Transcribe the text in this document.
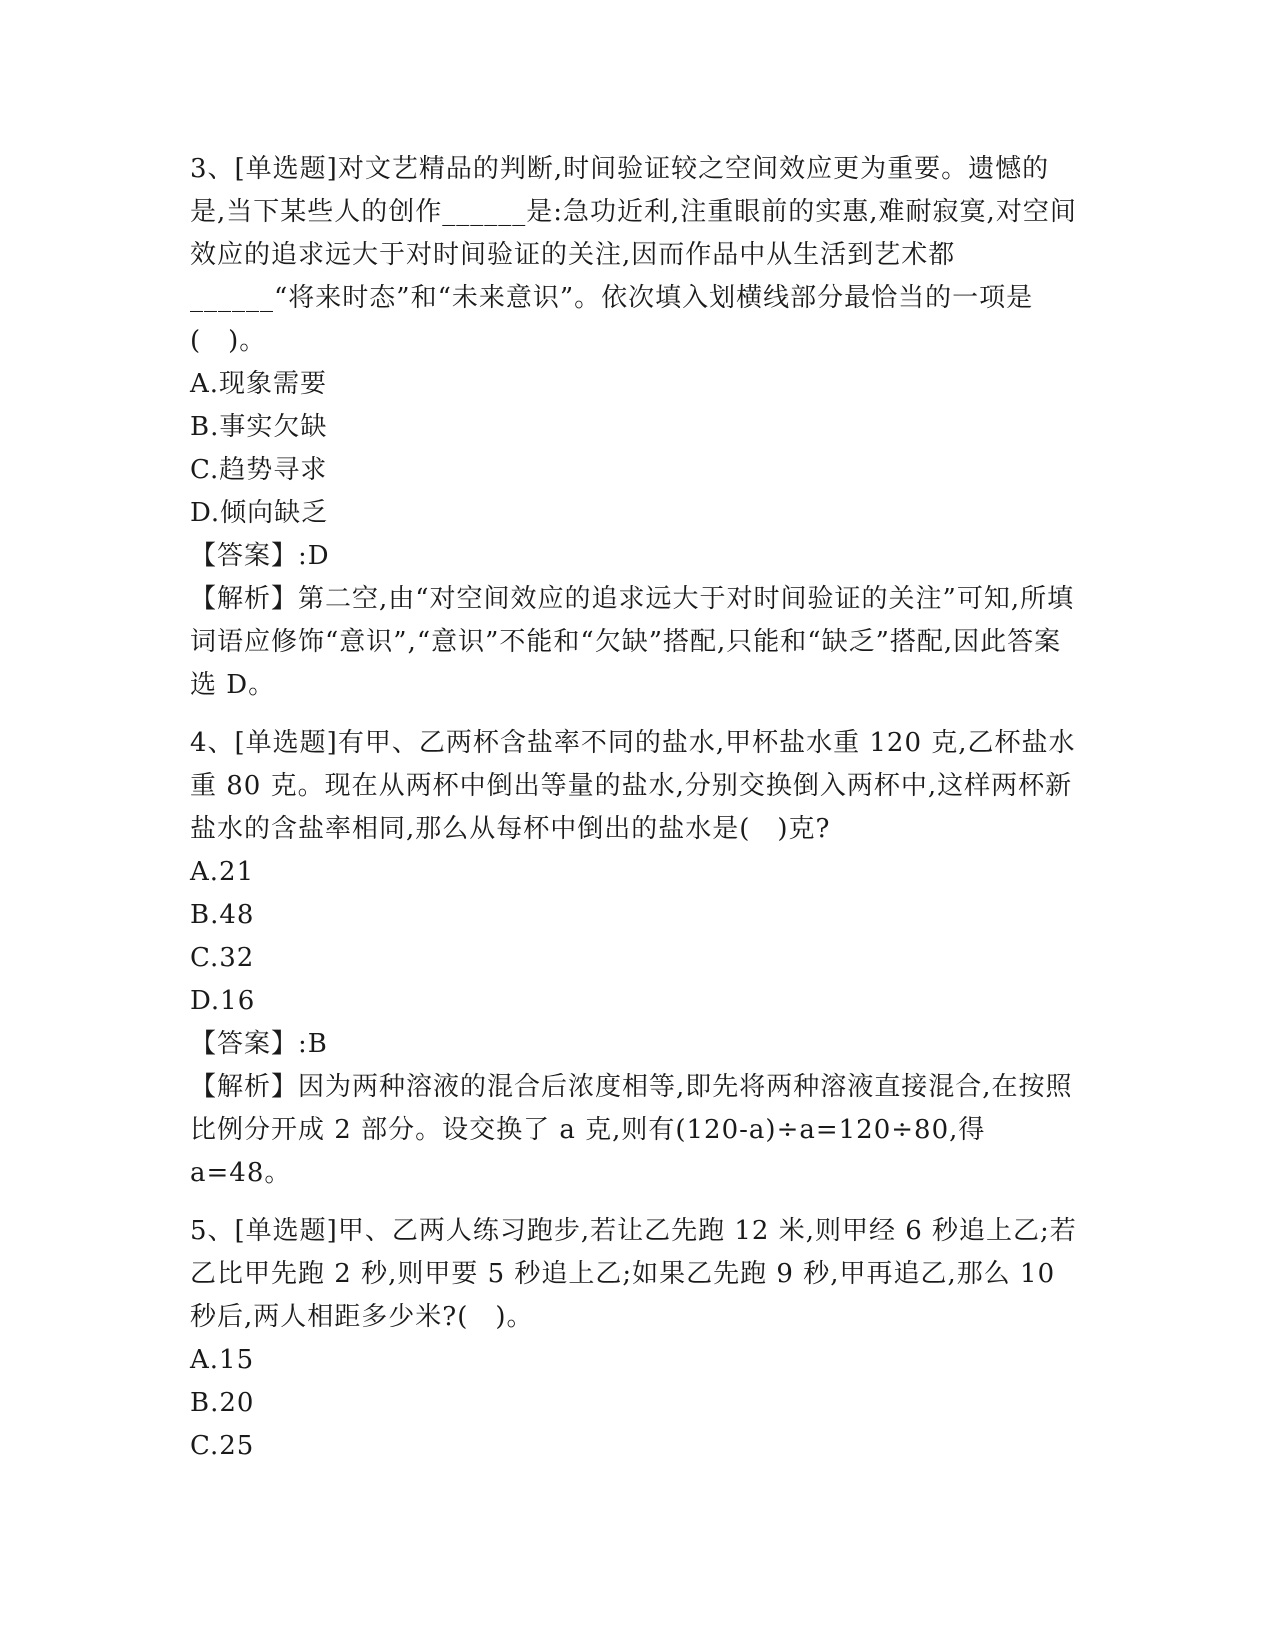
3、[单选题]对文艺精品的判断,时间验证较之空间效应更为重要。遗憾的是,当下某些人的创作______是:急功近利,注重眼前的实惠,难耐寂寞,对空间效应的追求远大于对时间验证的关注,因而作品中从生活到艺术都______“将来时态”和“未来意识”。依次填入划横线部分最恰当的一项是(　)。

A.现象需要

B.事实欠缺

C.趋势寻求

D.倾向缺乏

【答案】:D

【解析】第二空,由“对空间效应的追求远大于对时间验证的关注”可知,所填词语应修饰“意识”,“意识”不能和“欠缺”搭配,只能和“缺乏”搭配,因此答案选 D。

4、[单选题]有甲、乙两杯含盐率不同的盐水,甲杯盐水重 120 克,乙杯盐水重 80 克。现在从两杯中倒出等量的盐水,分别交换倒入两杯中,这样两杯新盐水的含盐率相同,那么从每杯中倒出的盐水是(　)克?

A.21

B.48

C.32

D.16

【答案】:B

【解析】因为两种溶液的混合后浓度相等,即先将两种溶液直接混合,在按照比例分开成 2 部分。设交换了 a 克,则有(120-a)÷a=120÷80,得 a=48。

5、[单选题]甲、乙两人练习跑步,若让乙先跑 12 米,则甲经 6 秒追上乙;若乙比甲先跑 2 秒,则甲要 5 秒追上乙;如果乙先跑 9 秒,甲再追乙,那么 10 秒后,两人相距多少米?(　)。

A.15

B.20

C.25
